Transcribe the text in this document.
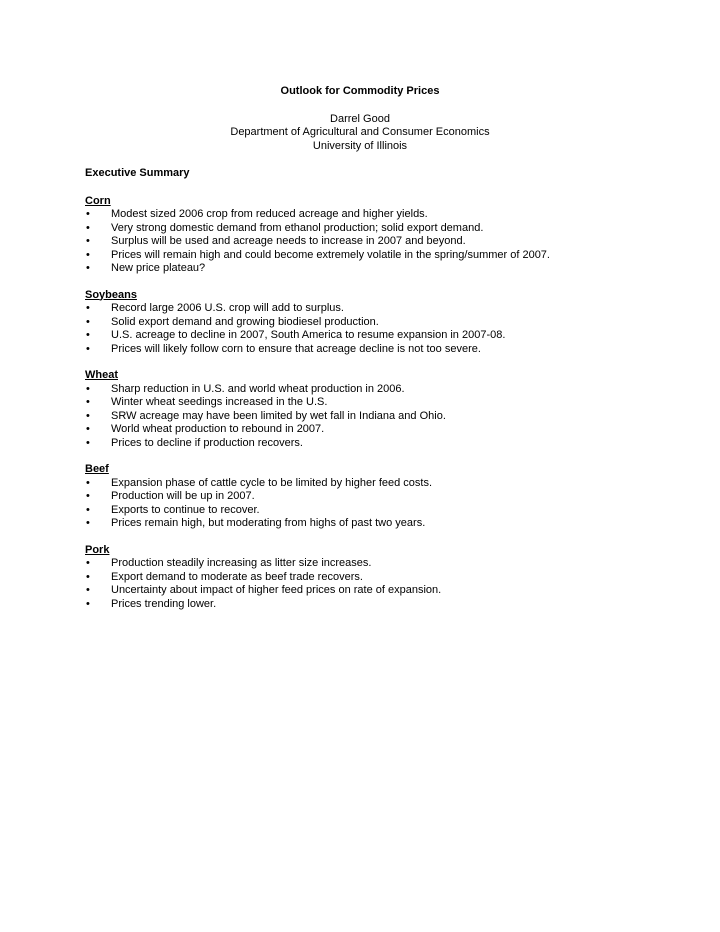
Outlook for Commodity Prices
Darrel Good
Department of Agricultural and Consumer Economics
University of Illinois
Executive Summary
Corn
• Modest sized 2006 crop from reduced acreage and higher yields.
• Very strong domestic demand from ethanol production; solid export demand.
• Surplus will be used and acreage needs to increase in 2007 and beyond.
• Prices will remain high and could become extremely volatile in the spring/summer of 2007.
• New price plateau?
Soybeans
• Record large 2006 U.S. crop will add to surplus.
• Solid export demand and growing biodiesel production.
• U.S. acreage to decline in 2007, South America to resume expansion in 2007-08.
• Prices will likely follow corn to ensure that acreage decline is not too severe.
Wheat
• Sharp reduction in U.S. and world wheat production in 2006.
• Winter wheat seedings increased in the U.S.
• SRW acreage may have been limited by wet fall in Indiana and Ohio.
• World wheat production to rebound in 2007.
• Prices to decline if production recovers.
Beef
• Expansion phase of cattle cycle to be limited by higher feed costs.
• Production will be up in 2007.
• Exports to continue to recover.
• Prices remain high, but moderating from highs of past two years.
Pork
• Production steadily increasing as litter size increases.
• Export demand to moderate as beef trade recovers.
• Uncertainty about impact of higher feed prices on rate of expansion.
• Prices trending lower.
